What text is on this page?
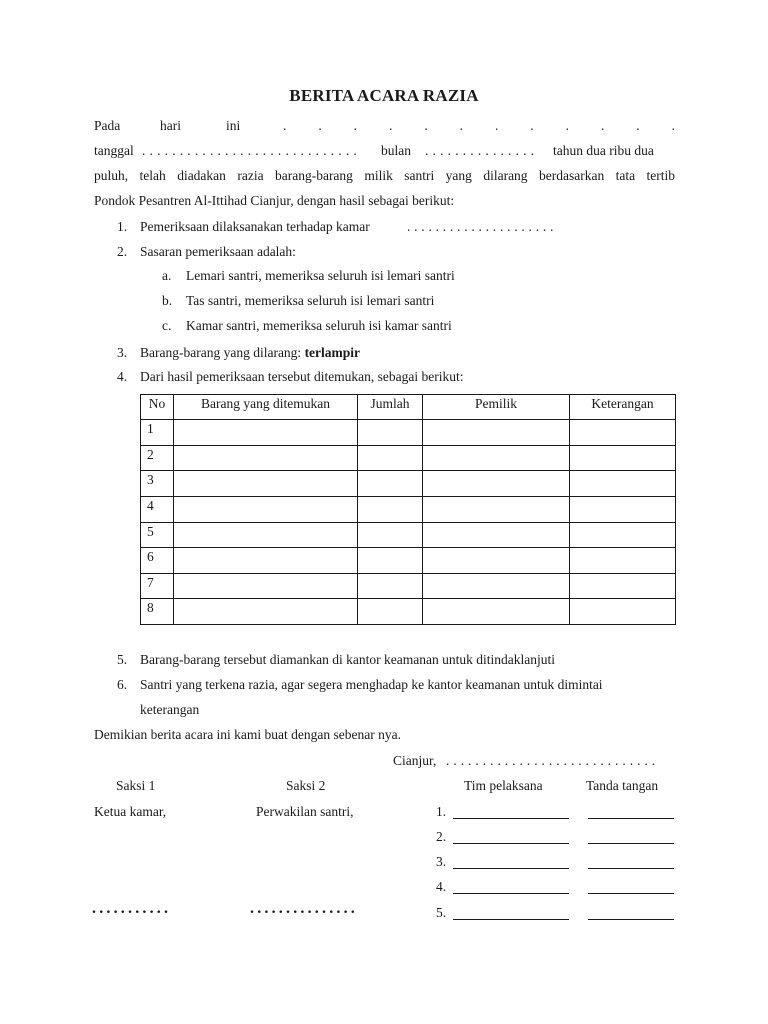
BERITA ACARA RAZIA
Pada	hari	ini	. . . . . . . . . . . .
tanggal . . . . . . . . . . . . . . . . . . . . . . . . . . . . . bulan . . . . . . . . . . . . . . . tahun dua ribu dua
puluh, telah diadakan razia barang-barang milik santri yang dilarang berdasarkan tata tertib
Pondok Pesantren Al-Ittihad Cianjur, dengan hasil sebagai berikut:
1. Pemeriksaan dilaksanakan terhadap kamar	. . . . . . . . . . . . . . . . . . . . .
2. Sasaran pemeriksaan adalah:
a. Lemari santri, memeriksa seluruh isi lemari santri
b. Tas santri, memeriksa seluruh isi lemari santri
c. Kamar santri, memeriksa seluruh isi kamar santri
3. Barang-barang yang dilarang: terlampir
4. Dari hasil pemeriksaan tersebut ditemukan, sebagai berikut:
No	Barang yang ditemukan	Jumlah	Pemilik	Keterangan
1				
2				
3				
4				
5				
6				
7				
8				
5. Barang-barang tersebut diamankan di kantor keamanan untuk ditindaklanjuti
6. Santri yang terkena razia, agar segera menghadap ke kantor keamanan untuk dimintai
keterangan
Demikian berita acara ini kami buat dengan sebenar nya.
Cianjur, . . . . . . . . . . . . . . . . . . . . . . . . . . . . .
Saksi 1	Saksi 2	Tim pelaksana	Tanda tangan
Ketua kamar,	Perwakilan santri,	1.
2.
3.
4.
5.
...........	...............
